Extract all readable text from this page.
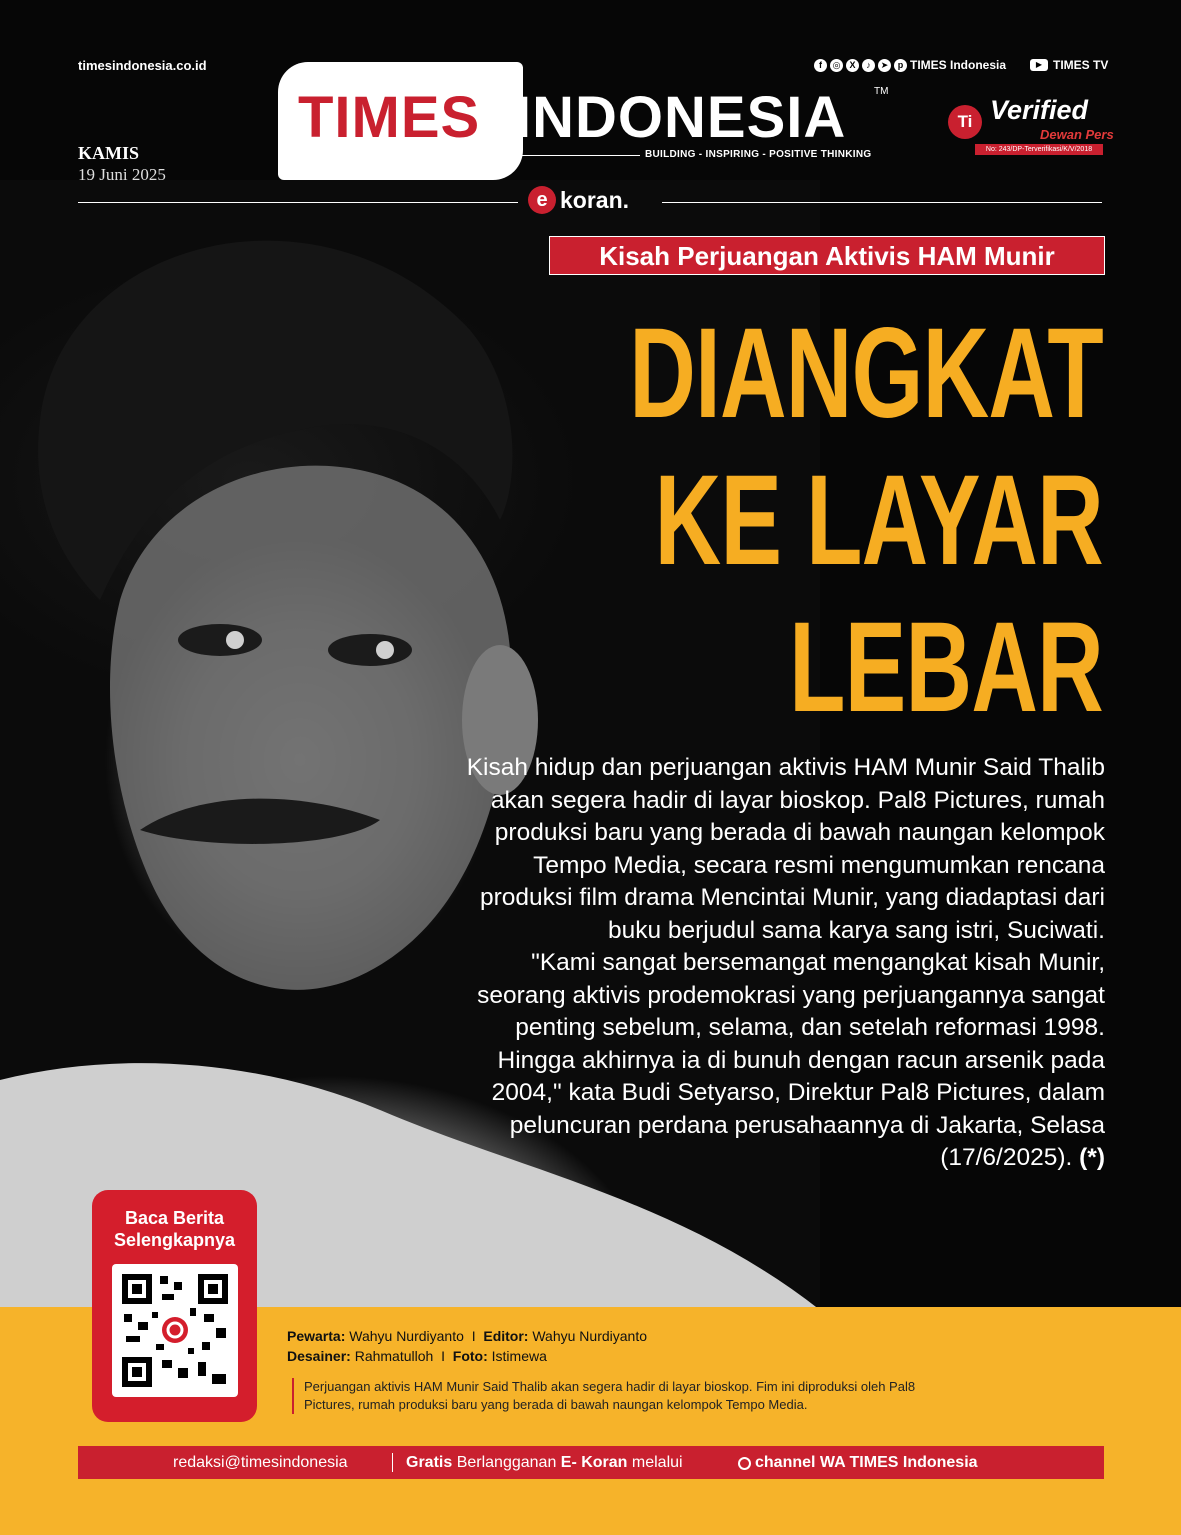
timesindonesia.co.id
KAMIS
19 Juni 2025
TIMES INDONESIA	TM
BUILDING - INSPIRING - POSITIVE THINKING
f	◎	X	♪	➤	p TIMES Indonesia	▶ TIMES TV
Ti Verified
Dewan Pers
No: 243/DP-Terverifikasi/K/V/2018
e koran.
Kisah Perjuangan Aktivis HAM Munir
DIANGKAT
KE LAYAR
LEBAR

Kisah hidup dan perjuangan aktivis HAM Munir Said Thalib akan segera hadir di layar bioskop. Pal8 Pictures, rumah produksi baru yang berada di bawah naungan kelompok Tempo Media, secara resmi mengumumkan rencana produksi film drama Mencintai Munir, yang diadaptasi dari buku berjudul sama karya sang istri, Suciwati.

"Kami sangat bersemangat mengangkat kisah Munir, seorang aktivis prodemokrasi yang perjuangannya sangat penting sebelum, selama, dan setelah reformasi 1998. Hingga akhirnya ia di bunuh dengan racun arsenik pada 2004," kata Budi Setyarso, Direktur Pal8 Pictures, dalam peluncuran perdana perusahaannya di Jakarta, Selasa (17/6/2025). (*)

Baca Berita
Selengkapnya
Pewarta: Wahyu Nurdiyanto I Editor: Wahyu Nurdiyanto
Desainer: Rahmatulloh I Foto: Istimewa
Perjuangan aktivis HAM Munir Said Thalib akan segera hadir di layar bioskop. Fim ini diproduksi oleh Pal8 Pictures, rumah produksi baru yang berada di bawah naungan kelompok Tempo Media.
redaksi@timesindonesia	Gratis Berlangganan E- Koran melalui	channel WA TIMES Indonesia
